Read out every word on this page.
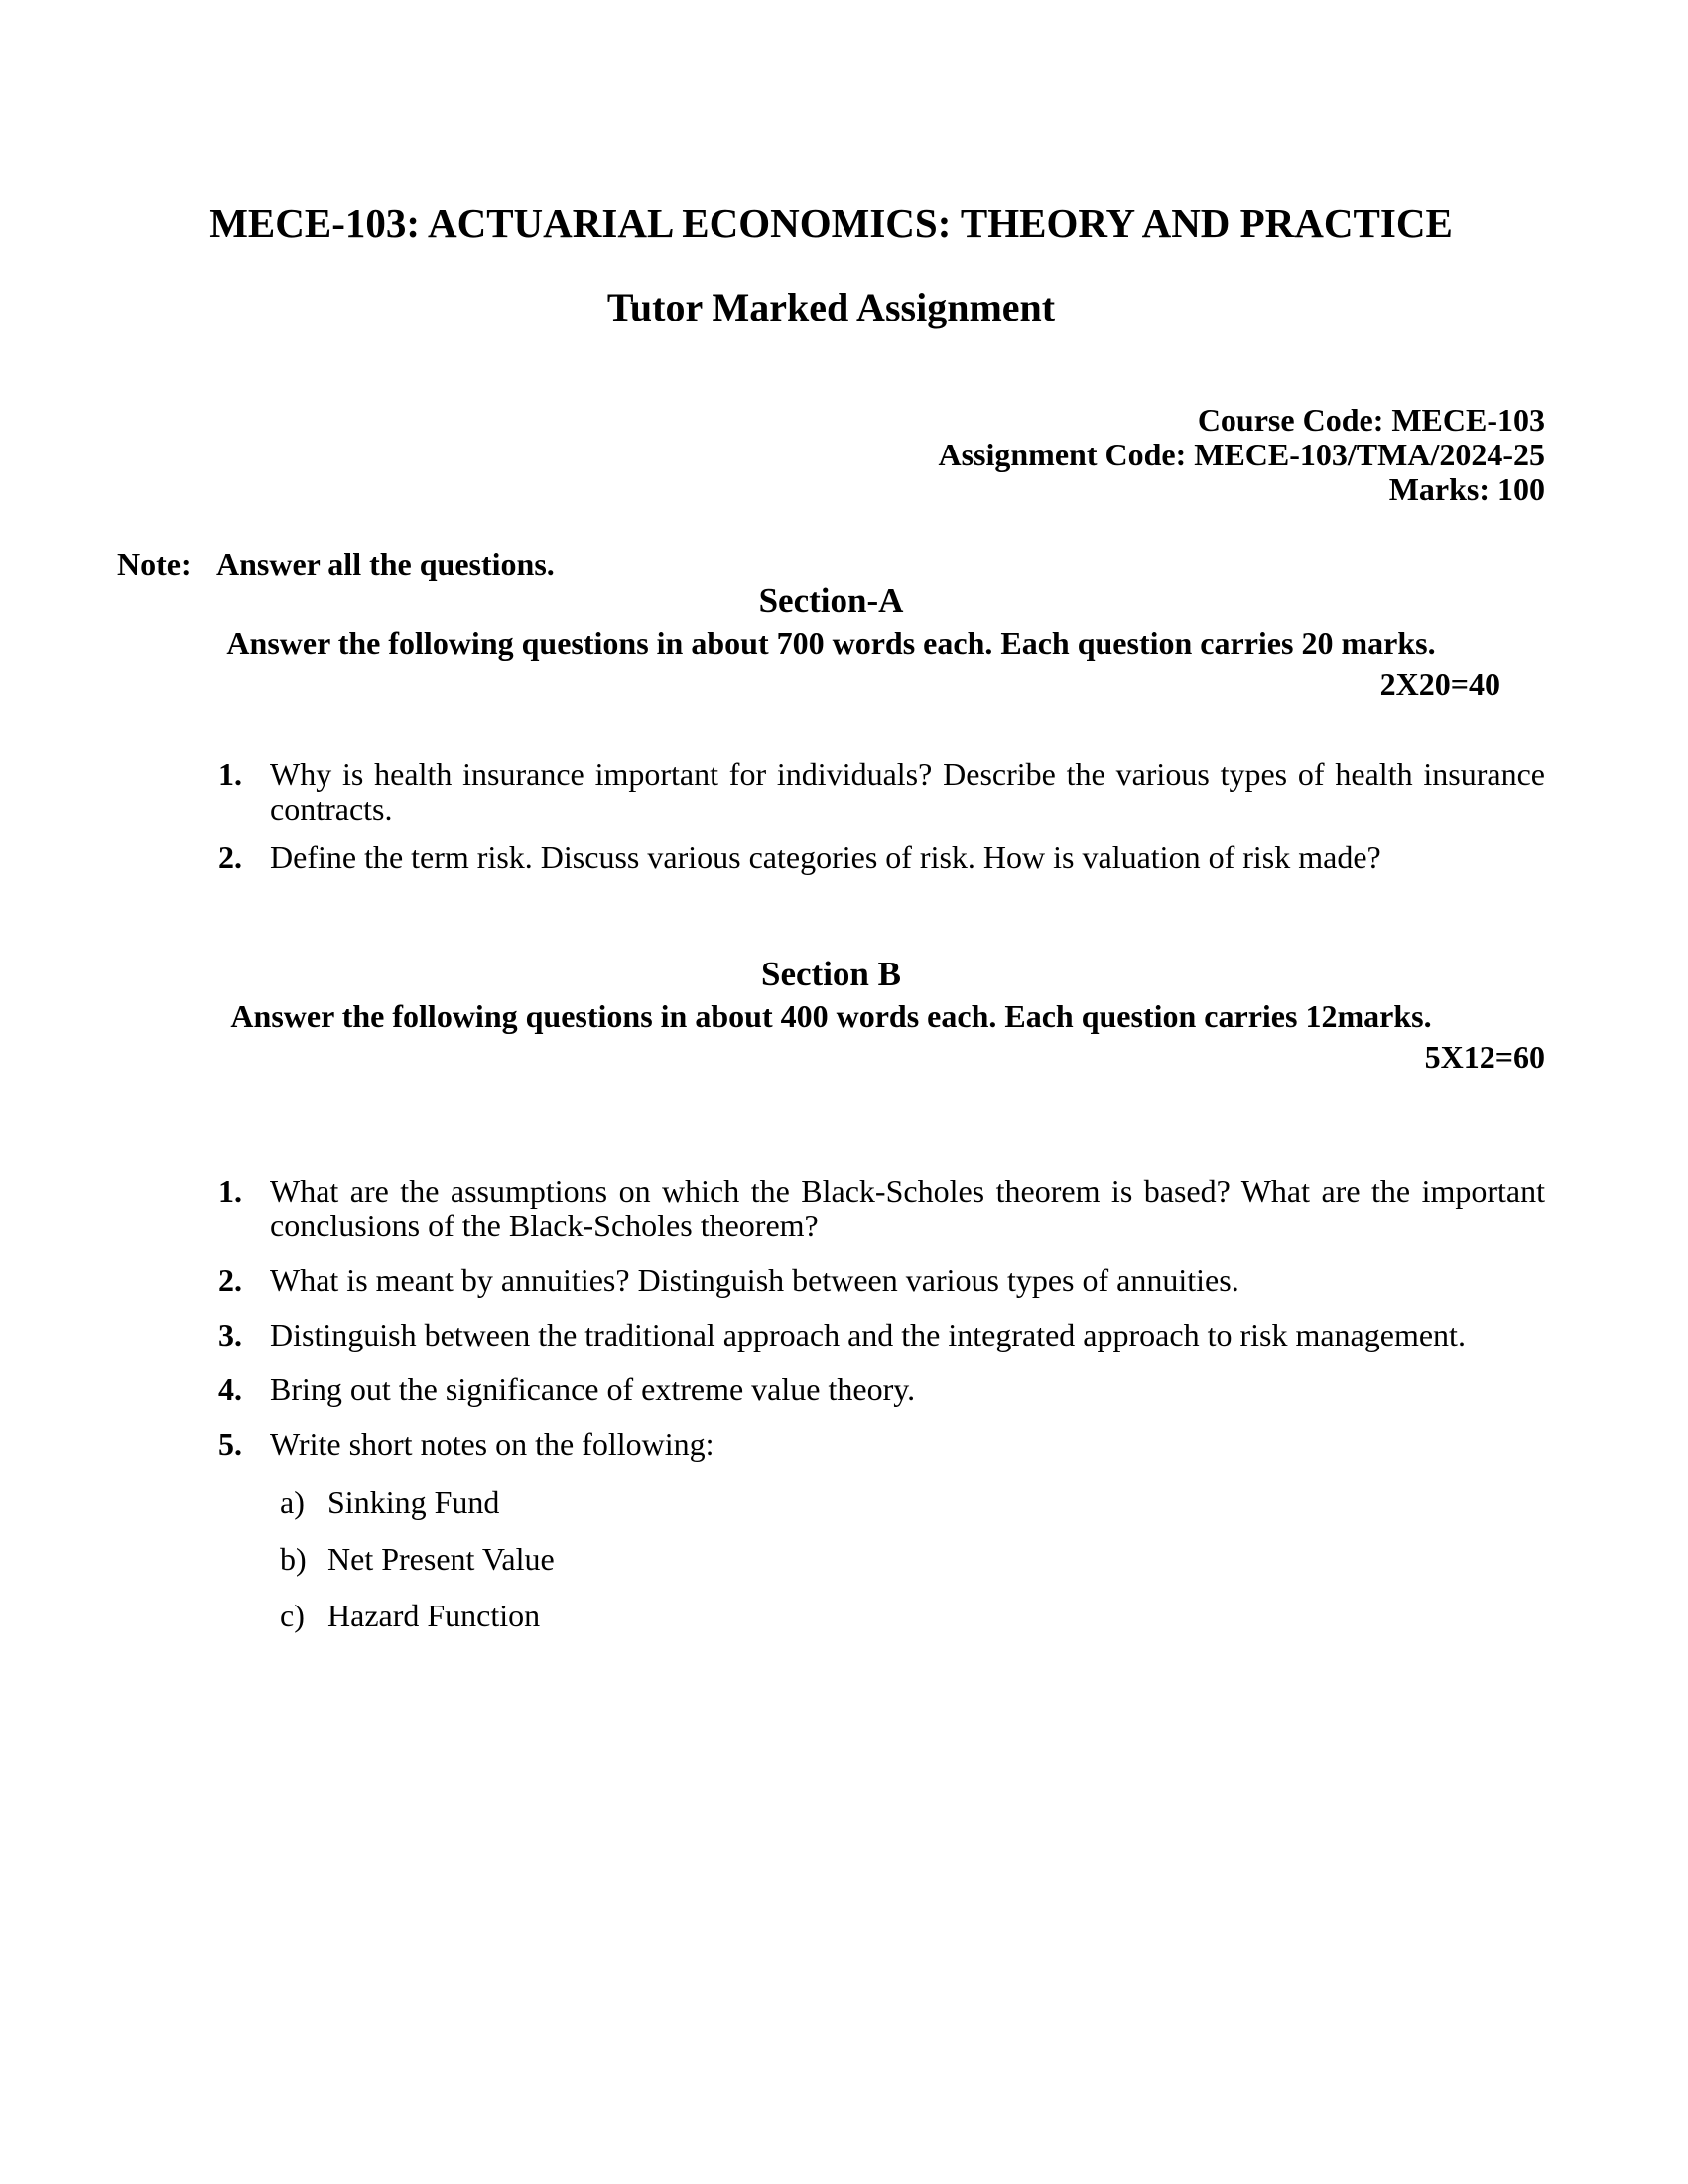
MECE-103: ACTUARIAL ECONOMICS: THEORY AND PRACTICE
Tutor Marked Assignment
Course Code: MECE-103
Assignment Code: MECE-103/TMA/2024-25
Marks: 100
Note: Answer all the questions.
Section-A
Answer the following questions in about 700 words each. Each question carries 20 marks.
2X20=40
1. Why is health insurance important for individuals? Describe the various types of health insurance contracts.
2. Define the term risk. Discuss various categories of risk. How is valuation of risk made?
Section B
Answer the following questions in about 400 words each. Each question carries 12marks.
5X12=60
1. What are the assumptions on which the Black-Scholes theorem is based? What are the important conclusions of the Black-Scholes theorem?
2. What is meant by annuities? Distinguish between various types of annuities.
3. Distinguish between the traditional approach and the integrated approach to risk management.
4. Bring out the significance of extreme value theory.
5. Write short notes on the following:
a) Sinking Fund
b) Net Present Value
c) Hazard Function
